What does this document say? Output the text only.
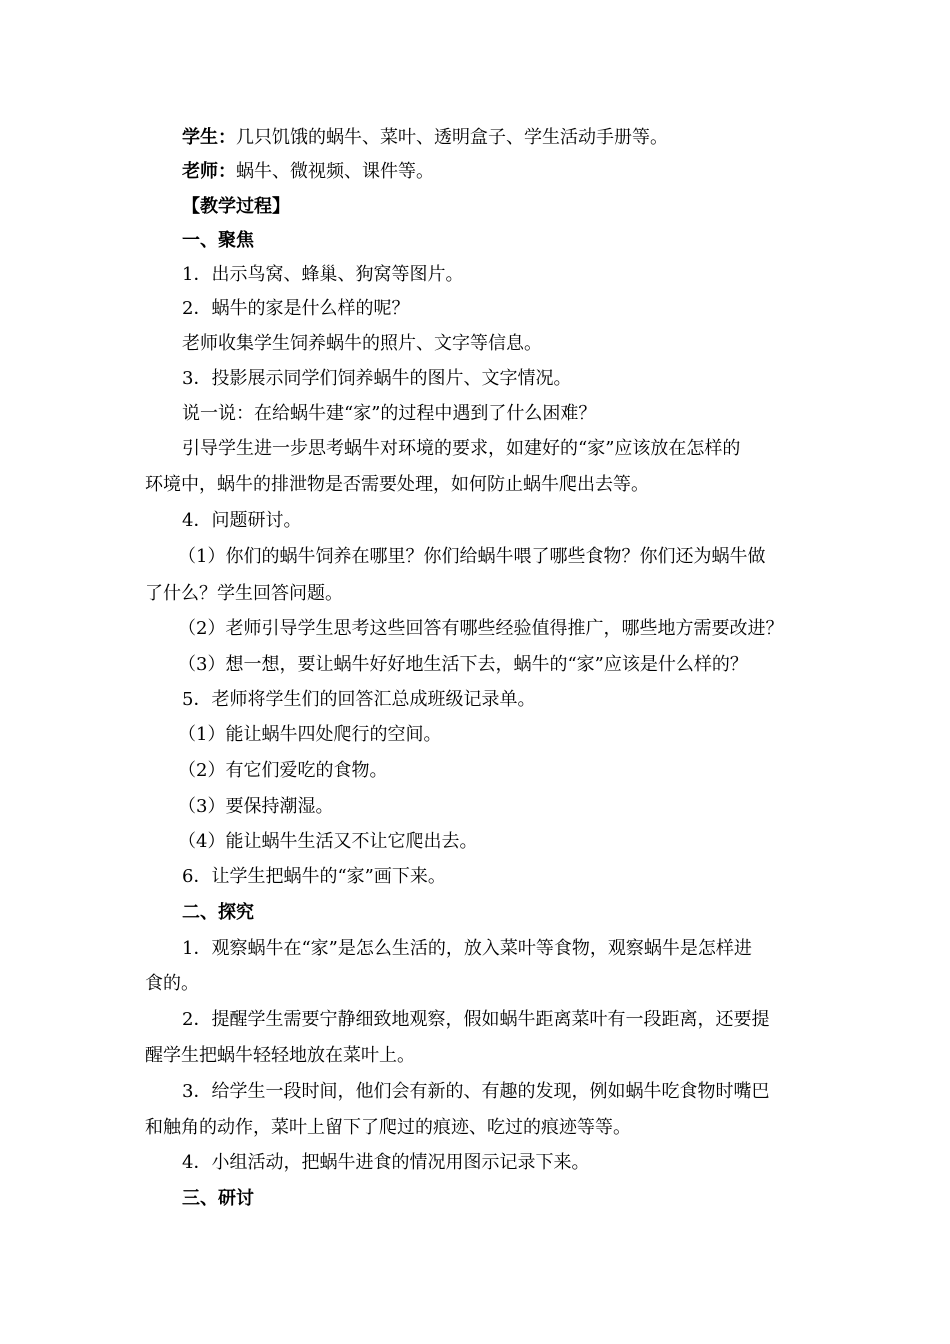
学生：几只饥饿的蜗牛、菜叶、透明盒子、学生活动手册等。
老师：蜗牛、微视频、课件等。
【教学过程】
一、聚焦
1．出示鸟窝、蜂巢、狗窝等图片。
2．蜗牛的家是什么样的呢？
老师收集学生饲养蜗牛的照片、文字等信息。
3．投影展示同学们饲养蜗牛的图片、文字情况。
说一说：在给蜗牛建“家”的过程中遇到了什么困难？
引导学生进一步思考蜗牛对环境的要求，如建好的“家”应该放在怎样的
环境中，蜗牛的排泄物是否需要处理，如何防止蜗牛爬出去等。
4．问题研讨。
（1）你们的蜗牛饲养在哪里？你们给蜗牛喂了哪些食物？你们还为蜗牛做
了什么？学生回答问题。
（2）老师引导学生思考这些回答有哪些经验值得推广，哪些地方需要改进？
（3）想一想，要让蜗牛好好地生活下去，蜗牛的“家”应该是什么样的？
5．老师将学生们的回答汇总成班级记录单。
（1）能让蜗牛四处爬行的空间。
（2）有它们爱吃的食物。
（3）要保持潮湿。
（4）能让蜗牛生活又不让它爬出去。
6．让学生把蜗牛的“家”画下来。
二、探究
1．观察蜗牛在“家”是怎么生活的，放入菜叶等食物，观察蜗牛是怎样进
食的。
2．提醒学生需要宁静细致地观察，假如蜗牛距离菜叶有一段距离，还要提
醒学生把蜗牛轻轻地放在菜叶上。
3．给学生一段时间，他们会有新的、有趣的发现，例如蜗牛吃食物时嘴巴
和触角的动作，菜叶上留下了爬过的痕迹、吃过的痕迹等等。
4．小组活动，把蜗牛进食的情况用图示记录下来。
三、研讨
